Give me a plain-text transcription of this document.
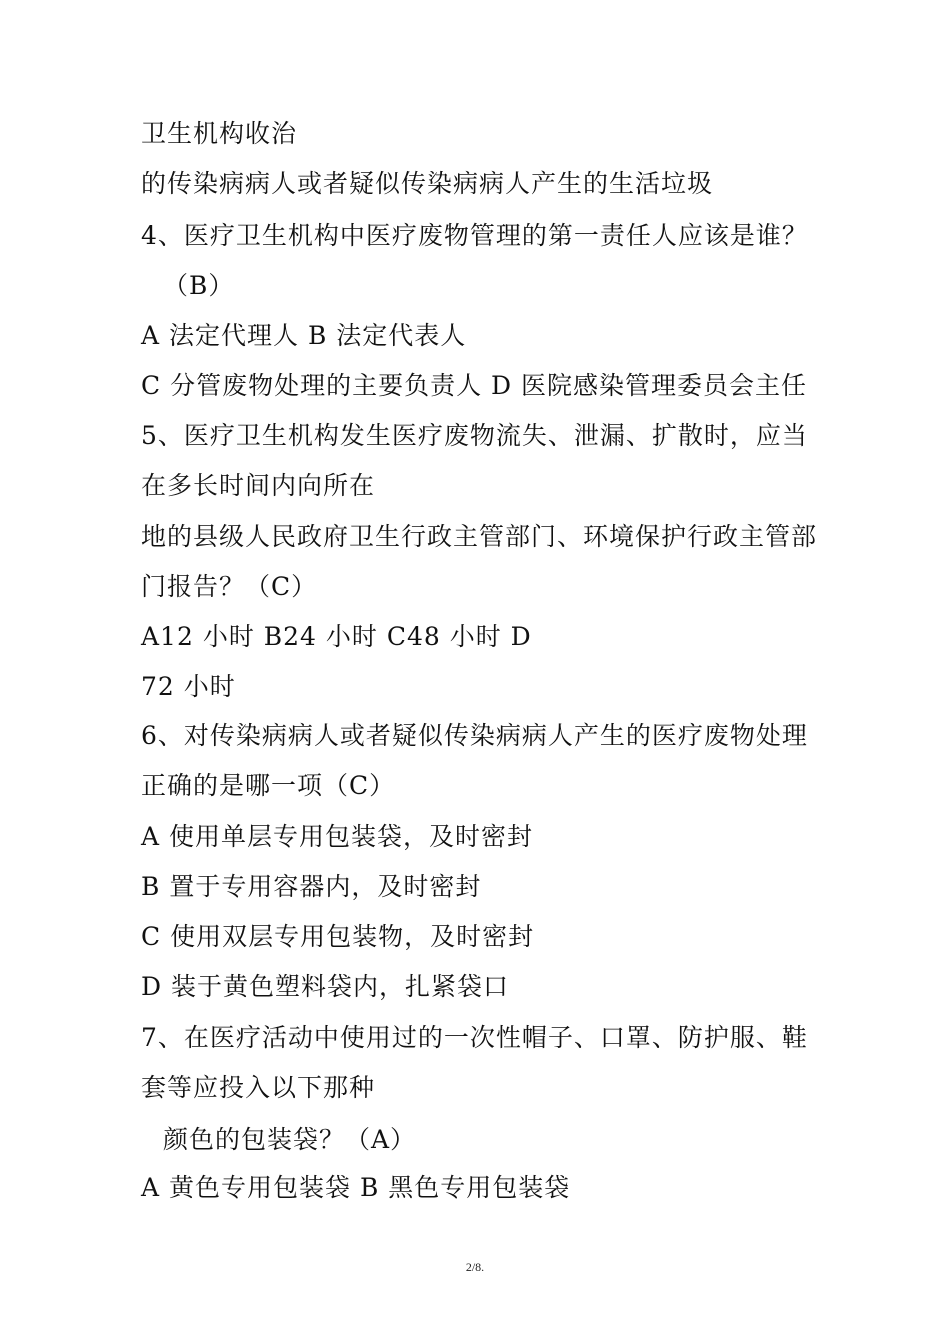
卫生机构收治
的传染病病人或者疑似传染病病人产生的生活垃圾
4、医疗卫生机构中医疗废物管理的第一责任人应该是谁？
（B）
A 法定代理人 B 法定代表人
C 分管废物处理的主要负责人 D 医院感染管理委员会主任
5、医疗卫生机构发生医疗废物流失、泄漏、扩散时，应当
在多长时间内向所在
地的县级人民政府卫生行政主管部门、环境保护行政主管部
门报告？（C）
A12 小时 B24 小时 C48 小时 D
72 小时
6、对传染病病人或者疑似传染病病人产生的医疗废物处理
正确的是哪一项（C）
A 使用单层专用包装袋，及时密封
B 置于专用容器内，及时密封
C 使用双层专用包装物，及时密封
D 装于黄色塑料袋内，扎紧袋口
7、在医疗活动中使用过的一次性帽子、口罩、防护服、鞋
套等应投入以下那种
颜色的包装袋？（A）
A 黄色专用包装袋 B 黑色专用包装袋
2/8.
